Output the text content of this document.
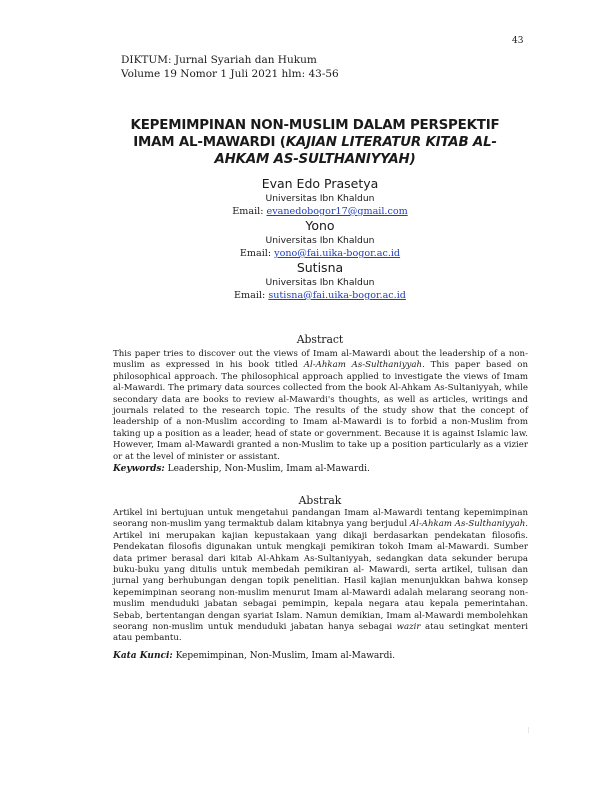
43
DIKTUM: Jurnal Syariah dan Hukum
Volume 19 Nomor 1 Juli 2021 hlm: 43-56
KEPEMIMPINAN NON-MUSLIM DALAM PERSPEKTIF IMAM AL-MAWARDI (KAJIAN LITERATUR KITAB AL-AHKAM AS-SULTHANIYYAH)
Evan Edo Prasetya
Universitas Ibn Khaldun
Email: evanedobogor17@gmail.com
Yono
Universitas Ibn Khaldun
Email: yono@fai.uika-bogor.ac.id
Sutisna
Universitas Ibn Khaldun
Email: sutisna@fai.uika-bogor.ac.id
Abstract
This paper tries to discover out the views of Imam al-Mawardi about the leadership of a non-muslim as expressed in his book titled Al-Ahkam As-Sulthaniyyah. This paper based on philosophical approach. The philosophical approach applied to investigate the views of Imam al-Mawardi. The primary data sources collected from the book Al-Ahkam As-Sultaniyyah, while secondary data are books to review al-Mawardi's thoughts, as well as articles, writings and journals related to the research topic. The results of the study show that the concept of leadership of a non-Muslim according to Imam al-Mawardi is to forbid a non-Muslim from taking up a position as a leader, head of state or government. Because it is against Islamic law. However, Imam al-Mawardi granted a non-Muslim to take up a position particularly as a vizier or at the level of minister or assistant.
Keywords: Leadership, Non-Muslim, Imam al-Mawardi.
Abstrak
Artikel ini bertujuan untuk mengetahui pandangan Imam al-Mawardi tentang kepemimpinan seorang non-muslim yang termaktub dalam kitabnya yang berjudul Al-Ahkam As-Sulthaniyyah. Artikel ini merupakan kajian kepustakaan yang dikaji berdasarkan pendekatan filosofis. Pendekatan filosofis digunakan untuk mengkaji pemikiran tokoh Imam al-Mawardi. Sumber data primer berasal dari kitab Al-Ahkam As-Sultaniyyah, sedangkan data sekunder berupa buku-buku yang ditulis untuk membedah pemikiran al- Mawardi, serta artikel, tulisan dan jurnal yang berhubungan dengan topik penelitian. Hasil kajian menunjukkan bahwa konsep kepemimpinan seorang non-muslim menurut Imam al-Mawardi adalah melarang seorang non-muslim menduduki jabatan sebagai pemimpin, kepala negara atau kepala pemerintahan. Sebab, bertentangan dengan syariat Islam. Namun demikian, Imam al-Mawardi membolehkan seorang non-muslim untuk menduduki jabatan hanya sebagai wazir atau setingkat menteri atau pembantu.
Kata Kunci: Kepemimpinan, Non-Muslim, Imam al-Mawardi.
